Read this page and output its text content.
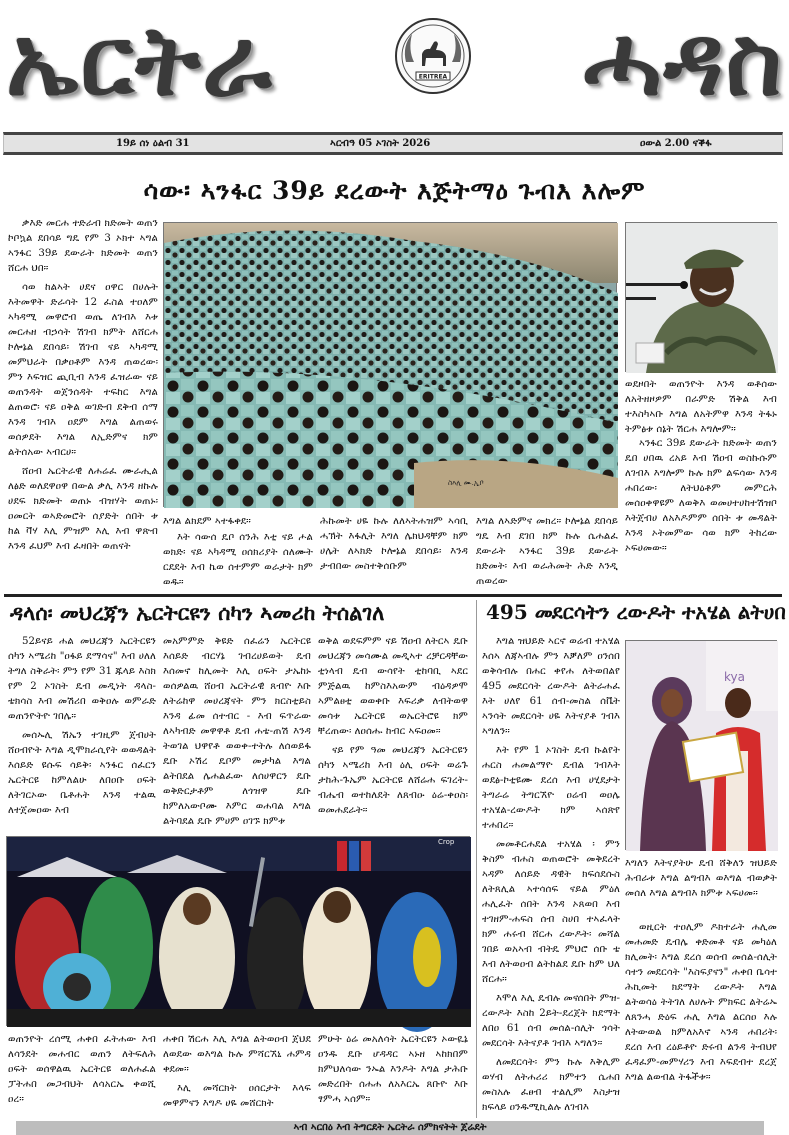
ኤርትራ	ERITREA	ሓዳስ
19ይ ሰነ ዕልብ 31	ኣርብዓ 05 ኦገስት 2026	ዐውል 2.00 ናቕፋ
ሳው፡ ኣንፋር 39ይ ደረውት እጅትማዕ ጉብእ እሎም

ቃእድ መርሐ ተድራብ ክድመት ወጠን ኮቦኳል ደበሳይ ግዴ የም 3 ኦክተ ኣግል ኣንፋር 39ይ ደውራት ክድመት ወጠን ሸርሐ ህበ።

ሳወ ከልኣት ሀደና ዐዋር በሀሉት እትመዋት ድራሳት 12 ፈስል ተዐለም ኣካዳሚ መዋሮብ ወጤ ለገብእ እቱ መርሐዘ ብኃሳት ሽገብ ክምት ለሸርሐ ኮሎኔል ደበሳይ፡ ሽገብ ናይ ኣካዳሚ መምህራት በቃዐቶም እንዳ ጠወረው፡ ምን እፍዝር ጪቢብ እንዳ ፈዝራው ናይ ወጠንዳት ወጀንሰዳት ተፍከር እግል ልጠወሮ፡ ናይ ዐቅል ወገድብ ደቅብ ሰማ እንዳ ገብእ ዐደም እግል ልጠወሩ ወሰዎደት እግል ለኢድምና ክም ልትሰአው ኣብርሀ።

ሸዐብ ኤርትራዊ ለሐሬፈ ሙራሒል ለፅድ ወለደዋዐዋ በውል ቃሊ እንዳ ዘኩሉ ሀደፍ ክድመት ወጠኑ ብዝሃት ወጠኑ፡ ዐመርት ወኣድመሮት ሰያድት ሰበት ቱ ከል ቫሃ እሊ ምዝም እሊ እብ ዋጽብ እንዳ ፈህም እብ ፈዛበት ወጠናት

ስእሊ ሙ.ኢቦ

እግል ልክደም ኣተፋቀደ።

እት ሳውሰ ዴቦ ሰንሕ እቲ ናይ ሖል ወክድ፡ ናይ ኣካዳሚ ዐሰክሪያት ሰለሙት ርደደት እብ ኬወ ሰተምም ወራታት ክም ወዱ።

ሕኩመት ሀዬ ኩሉ ለለኣትሐዝም ኣሳቢ ሓኽት እፋሊት እግለ ሌክህዳቸም ክም ሀሌት ለኣክድ ኮሎኔል ደበሳይ፡ እንዳ ታብበው መስተቅሰቡም

እግል ለኣድምና መክረ። ኮሎኔል ደበሳይ ግዴ እብ ደገበ ክም ኩሉ ሴሐልፈ ደውራት ኣንፋር 39ይ ደውራት ክድመት፡ እብ ወራሕመት ሕድ እንዲ ጠወረው

ወደዞበት ወጠንዮት እንዳ ወቶሰው ለአትዘዞዎም በራምድ ሽቅል እብ ተእስካኣቡ እግል ለአትምዋ እንዳ ትፋኑ ትምፅቱ ሰኔት ሽርሐ እግሎም።

ኣንፋር 39ይ ደውራት ክድመት ወጠን ዴበ ሀበዉ ረአይ እብ ሽዐብ ወስኩሱም ለገብእ እግሎም ኩሉ ክም ልፍሳው እንዳ ሐበረው፡ ለትህዕቶም መምርሕ መሰዐቀዋዩም ለወቅእ ወመሀተሀከተሽዝቦ እትጀብሀ ለአእዶምም ሰበት ቱ መዳልት እንዳ ኦትመምው ሳወ ክም ትከረው ኦፍሀመው።

ዳላሰ፡ መህረጃን ኤርትርዩን ሰካን ኣመሪከ ትሰልገለ

52ይናይ ሐል መህረጃን ኤርትርዩን ሰካን ኣሜሪከ "ዐፋይ ደማሳና" እብ ሀለለ ትግለ ስቅራት፡ ምን የም 31 ጁላይ እስክ የም 2 ኦገስት ዴብ መዲነት ዳላስ-ቴክሳስ እብ መሽሪበ ወቅዐሉ ወምራድ ወጠንዮትዮ ገበሌ።

መሰኡሊ ሽኤን ተገዚም ጀብሀት ሸዐብዮት እግል ዲሞክራሲየት ወወዳልት እሰይድ ዩሱፍ ሳይቅ፡ ኣንፋር ሰፈርን ኤርትርዩ ከምለልሁ ለበዐቡ ዐፍት ለትገርኦው ቤቶሐት እንዳ ተልዉ ለተጀመዐው እብ

መአምምድ ቅዩድ ሰፈሬን ኤርትርዩ እሰይድ ብርሃኔ ገብረሀይወት ዴብ እሰመኖ ከሊመት እሊ ዐፍት ታኤከኑ ወሰዎልዉ ሸዐብ ኤርትራዊ ጸብዮ እቡ ለትሬከዋ መሀረጃናት ምን ክርስቲይስ እንዳ ፊመ ሰተብር - እብ ፍጥራው ለኣካብድ መዋዋቶ ዴብ ሐቴ-ጠሽ እንዳ ትወገል ህዋየቶ ወወቀ-ተትሉ ለሰወይፋ ዴቡ ኦሽረ ዴቦም መታካል እግል ልትበደል ሌሐልፈው ለሰሀዋርን ዴቡ ወቅድርታቶም ለጎዝዋ ዴቡ ከምለአውቦሙ እምር ወሐባል እግል ልትባደል ዴቡ ምሀም ዐገኙ ክምቱ

ወቅል ወደፍምም ናይ ሽዐብ ለትርኣ ዴቡ መህረጃን መሳሙል መዲኣተ ረቻርዳቸው ቲነላብ ዴብ ውሳየት ቲከባቢ ኣደር ምጅልዉ ከምስእአውም ብዕዳዎሞ ኣምልፀቲ ወወቀቡ እፍሪቃ ለብትወዋ መሳቱ ኤርትርዩ ወኤርትሮዩ ክም ቸረጠው፡ ለዐሰሑ ከብር ኣፍዐመ።

ናይ የም ዓመ መህረጃን ኤርትርዩን ሰካን ኣሜሪከ እብ ዕሊ ዐፍት ወሬጉ ታከሕ-ጉኤም ኤርትርዩ ለሸሬሐ ፍገረት-ብሔብ ወተከለደት ለጸብዑ ዕሬ-ቀዐስ፡ ወመሐደራት።

Crop

ወጠንዮት ረሰሚ ሐቀበ ፈትሐው እብ ለሳንደት መሐብር ወጠን ለትፍለሕ ዐፍት ወሰዋልዉ ኤርትርዩ ወለሐፈል ፓትሐበ መጋብህት ለሳአርኤ ቀወሺ ዐረ።

ሐቀበ ሽርሐ እሊ እግል ልትወዐብ ጀህደ ለወደው ወእግል ኩሉ ምሻርኧኒ ሐምዳ ቀደመ።

እሊ መሻርክት ዐሰርታት እላፍ መዋምናን እግዶ ሀዬ መሸርክት

ምሁት ዕሬ መአለሳት ኤርትርዩን ኦውዪኔ ዐንዱ ዴቡ ሆዳዳር ኣኑዘ ኣከክበም ክምህለሳው ንኡል እንዶት እግል ታሕቡ መድረበት ሰሐሐ ለአእርኤ ጸቡዮ እቡ ፃምሓ ኣሰም።

495 መደርሳትን ረውዶት ተአሄል ልትሀበ

እግል ዝህይድ ኣርኖ ወሬብ ተአሄል እሰኣ ለጃኣብሉ ምን እቓለም ዐንሰበ ወቅሳብሉ በሐር ቀየሐ ለትወበልየ 495 መደርሳት ረውዶት ልትራሐፈ እት ሀለየ 61 ሰብ-መስል ሰቬት ኣንሳት መደርሳት ሀዬ እትናያቶ ገብእ ኣግለን።

እት የም 1 ኦገስት ዴብ ኩልየት ሐርስ ሐመልማዮ ዴብል ገብእት ወደፅ-ኮቲዩሙ ደረሰ እብ ሀሂደታት ትግራሬ ትግርኧዮ ዐሬብ ወዐሌ ተአሄል-ረውዶት ክም ኣሰጽየ ተሐበረ።

መመቶርሐደል ተአሄል ፡ ምን ቅስም ብሐስ ወጠወሮት መቅደረት ኣዳም ለሰይድ ዳዊት ክፍሰደሱስ ለትጸሊል ኣተሳሰፍ ናይል ምዕለ ሐሊፈት ሰበት እንዳ ኦጸወበ እብ ተገዘም-ሐፍስ ሰብ ስሀበ ተኣፈላት ክም ሐሩብ ሸርሐ ረውዶት፡ መሻል ገበይ ወአኣብ ብትዴ ምህሮ ሰቡ ቴ እብ ለትወዐብ ልትከልደ ዴቡ ከም ህለ ሸርሐ።

እሞለ እሊ ዴብሉ መናሰበት ምዝ-ረውዶት እስከ 2ይት-ደረጀት ክደማት ለበዐ 61 ሰብ መሰል-ሰሊት ጎሳት መደርሳት እትናያቶ ገብእ ኣግለን።

ለመደርሳት፡ ምን ኩሉ እቅሊም ወሃብ ለትሐሪሪ ክምተን ሴሐበ መስአሉ ፈፀብ ተልሊም እስታዝ ክፍላይ ዐንዱሚኪልሉ ለገብእ

kya

እግለን እትናያትሁ ዴብ ሸቅለን ዝህይድ ሕብራቱ እግል ልግብእ ወእግል ብወቃት መሰለ እግል ልግብእ ክምቱ ኣፍሀመ።

ወዚርት ተዐሊም ዶክተራት ሐሊመ መሐመድ ዴብሌ ቀድመቶ ናይ መካዕለ ክሊመት፡ እግል ደረሰ ወሰብ መሰል-ሰሊት ሳተን መደርሳት "እስፍያናን" ሐቀበ ቤሳተ ሕኪመት ክደማት ረውዶት እግል ልትወሳዕ ትትገለ ለሀሉት ምክፍር ልትሬኡ ለጸንሓ ድዕፍ ሐሊ እግል ልርሰዐ እሉ ለትውወል ክምለአእኖ ኣንዳ ሐበሪት፡ ደረሰ እብ ረዕይቶዮ ድሩብ ልንዳ ትብህየ ፈዳፈም-መምሃሪን እብ እፍደብተ ደረጀ እግል ልወብል ትፋችቱ።

ኣብ ኣርበዕ እብ ትግርደት ኤርትራ ሰምክናትት ጀሬደት
